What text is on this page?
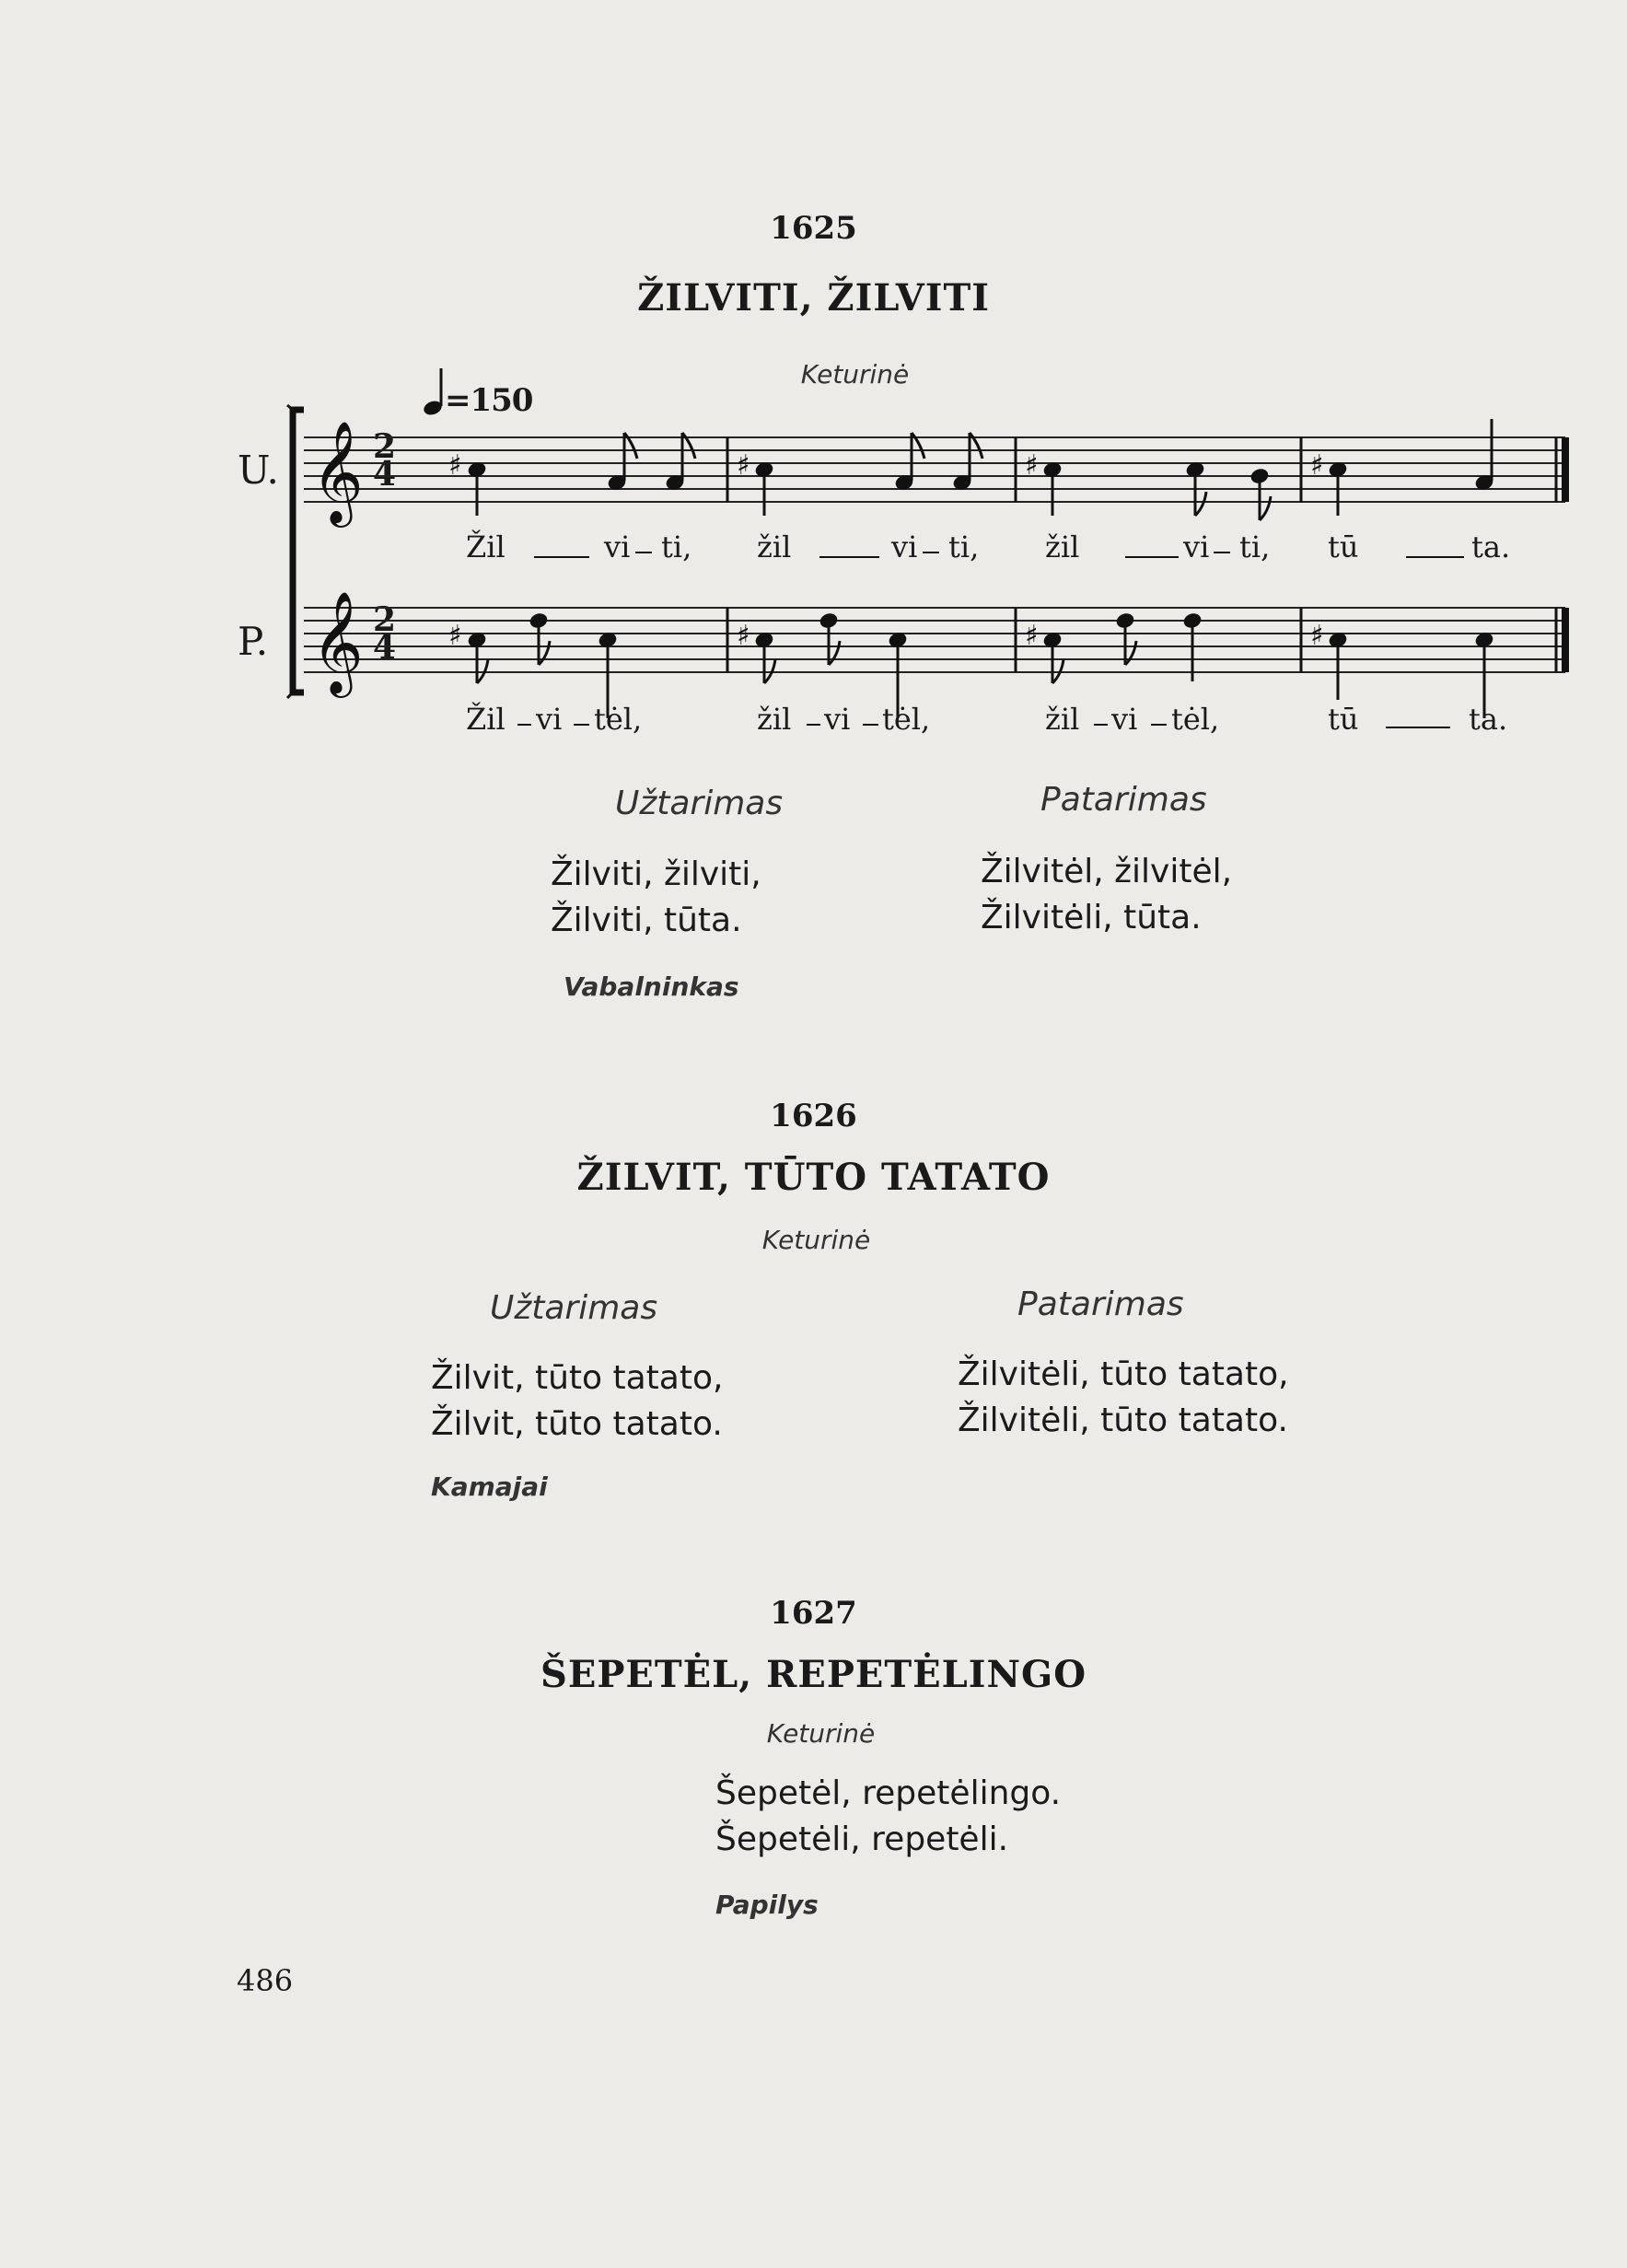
1625
ŽILVITI, ŽILVITI
Keturinė
=150
U.
P.
2
4
2
4
𝄞
𝄞
♯	♯	♯	♯
♯	♯	♯	♯
Žil	vi ti, žil	vi ti, žil	vi ti, tū	ta.
Žil vi tėl,	žil vi tėl,	žil vi tėl,	tū	ta.
Užtarimas	Patarimas
Žilviti, žilviti,
Žilviti, tūta.
Žilvitėl, žilvitėl,
Žilvitėli, tūta.
Vabalninkas
1626
ŽILVIT, TŪTO TATATO
Keturinė
Užtarimas	Patarimas
Žilvit, tūto tatato,
Žilvit, tūto tatato.
Žilvitėli, tūto tatato,
Žilvitėli, tūto tatato.
Kamajai
1627
ŠEPETĖL, REPETĖLINGO
Keturinė
Šepetėl, repetėlingo.
Šepetėli, repetėli.
Papilys
486
